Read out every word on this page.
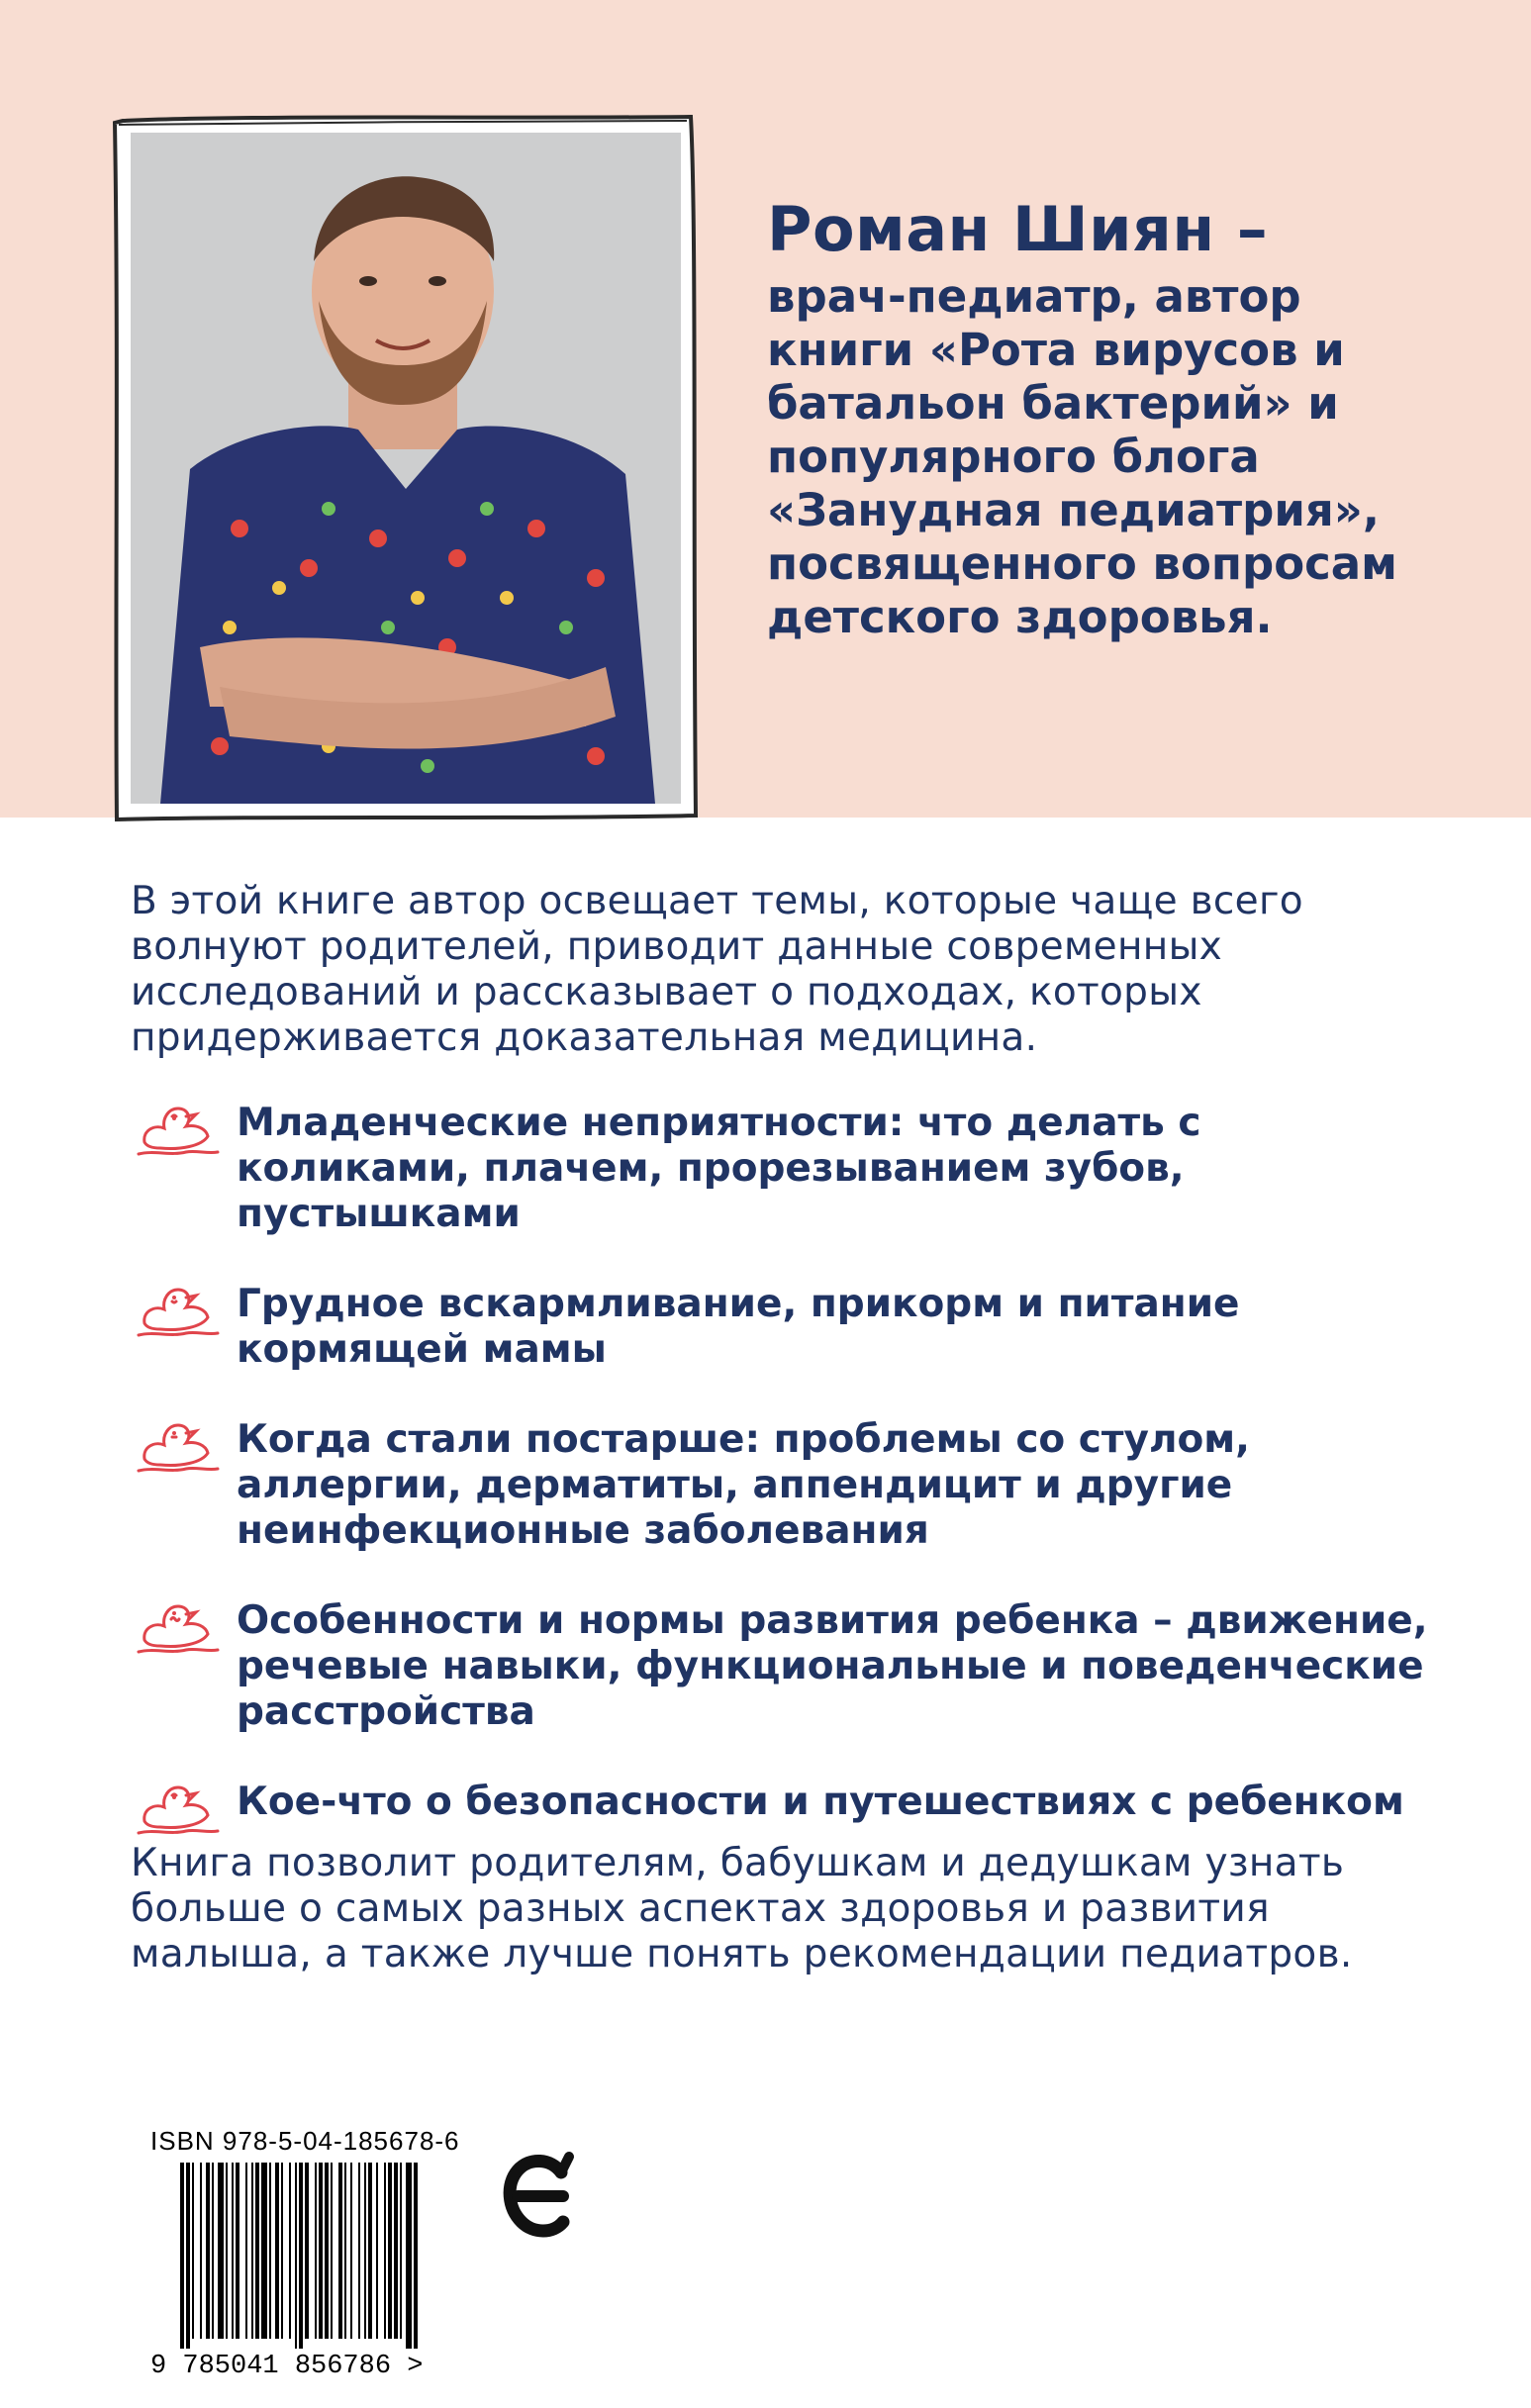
Роман Шиян –

врач-педиатр, автор книги «Рота вирусов и батальон бактерий» и популярного блога «Занудная педиатрия», посвященного вопросам детского здоровья.

В этой книге автор освещает темы, которые чаще всего волнуют родителей, приводит данные современных исследований и рассказывает о подходах, которых придерживается доказательная медицина.
Младенческие неприятности: что делать с коликами, плачем, прорезыванием зубов, пустышками
Грудное вскармливание, прикорм и питание кормящей мамы
Когда стали постарше: проблемы со стулом, аллергии, дерматиты, аппендицит и другие неинфекционные заболевания
Особенности и нормы развития ребенка – движение, речевые навыки, функциональные и поведенческие расстройства
Кое-что о безопасности и путешествиях с ребенком
Книга позволит родителям, бабушкам и дедушкам узнать больше о самых разных аспектах здоровья и развития малыша, а также лучше понять рекомендации педиатров.
ISBN 978-5-04-185678-6
9 785041 856786 >
